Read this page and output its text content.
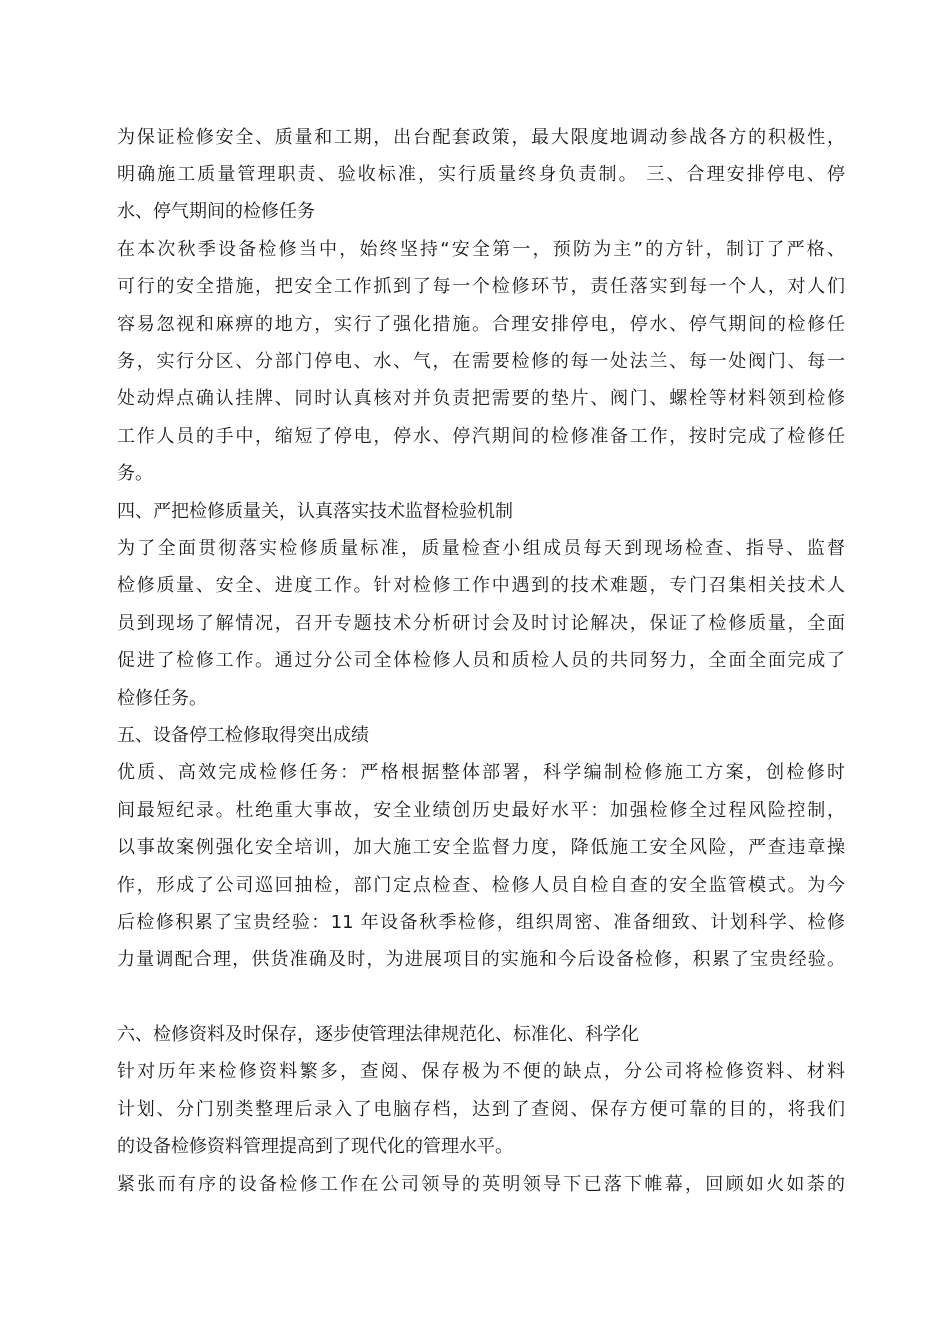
为保证检修安全、质量和工期，出台配套政策，最大限度地调动参战各方的积极性，
明确施工质量管理职责、验收标准，实行质量终身负责制。 三、合理安排停电、停
水、停气期间的检修任务
在本次秋季设备检修当中，始终坚持“安全第一，预防为主”的方针，制订了严格、
可行的安全措施，把安全工作抓到了每一个检修环节，责任落实到每一个人，对人们
容易忽视和麻痹的地方，实行了强化措施。合理安排停电，停水、停气期间的检修任
务，实行分区、分部门停电、水、气，在需要检修的每一处法兰、每一处阀门、每一
处动焊点确认挂牌、同时认真核对并负责把需要的垫片、阀门、螺栓等材料领到检修
工作人员的手中，缩短了停电，停水、停汽期间的检修准备工作，按时完成了检修任
务。
四、严把检修质量关，认真落实技术监督检验机制
为了全面贯彻落实检修质量标准，质量检查小组成员每天到现场检查、指导、监督
检修质量、安全、进度工作。针对检修工作中遇到的技术难题，专门召集相关技术人
员到现场了解情况，召开专题技术分析研讨会及时讨论解决，保证了检修质量，全面
促进了检修工作。通过分公司全体检修人员和质检人员的共同努力，全面全面完成了
检修任务。
五、设备停工检修取得突出成绩
优质、高效完成检修任务：严格根据整体部署，科学编制检修施工方案，创检修时
间最短纪录。杜绝重大事故，安全业绩创历史最好水平：加强检修全过程风险控制，
以事故案例强化安全培训，加大施工安全监督力度，降低施工安全风险，严查违章操
作，形成了公司巡回抽检，部门定点检查、检修人员自检自查的安全监管模式。为今
后检修积累了宝贵经验：11 年设备秋季检修，组织周密、准备细致、计划科学、检修
力量调配合理，供货准确及时，为进展项目的实施和今后设备检修，积累了宝贵经验。
六、检修资料及时保存，逐步使管理法律规范化、标准化、科学化
针对历年来检修资料繁多，查阅、保存极为不便的缺点，分公司将检修资料、材料
计划、分门别类整理后录入了电脑存档，达到了查阅、保存方便可靠的目的，将我们
的设备检修资料管理提高到了现代化的管理水平。
紧张而有序的设备检修工作在公司领导的英明领导下已落下帷幕，回顾如火如荼的
